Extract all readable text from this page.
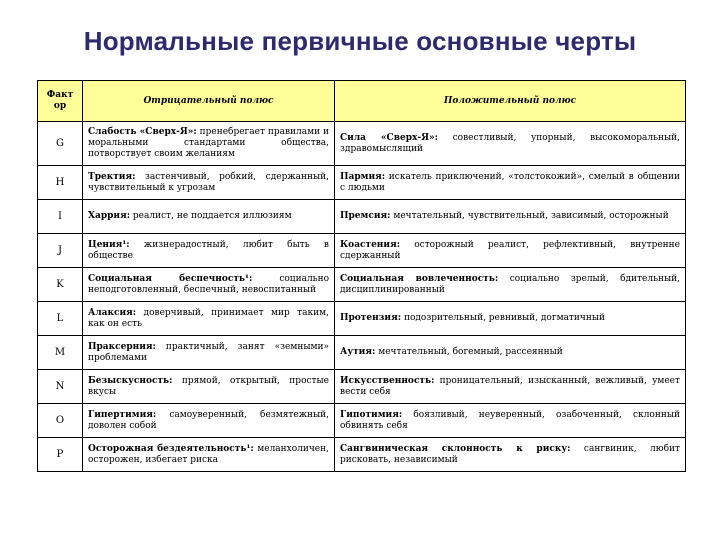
Нормальные первичные основные черты
Факт ор	Отрицательный полюс	Положительный полюс
G	Слабость «Сверх-Я»: пренебрегает правилами и моральными стандартами общества, потворствует своим желаниям	Сила «Сверх-Я»: совестливый, упорный, высокоморальный, здравомыслящий
H	Тректия: застенчивый, робкий, сдержанный, чувствительный к угрозам	Пармия: искатель приключений, «толстокожий», смелый в общении с людьми
I	Харрия: реалист, не поддается иллюзиям	Премсия: мечтательный, чувствительный, зависимый, осторожный
J	Цения¹: жизнерадостный, любит быть в обществе	Коастения: осторожный реалист, рефлективный, внутренне сдержанный
K	Социальная беспечность¹: социально неподготовленный, беспечный, невоспитанный	Социальная вовлеченность: социально зрелый, бдительный, дисциплинированный
L	Алаксия: доверчивый, принимает мир таким, как он есть	Протензия: подозрительный, ревнивый, догматичный
M	Праксерния: практичный, занят «земными» проблемами	Аутия: мечтательный, богемный, рассеянный
N	Безыскусность: прямой, открытый, простые вкусы	Искусственность: проницательный, изысканный, вежливый, умеет вести себя
O	Гипертимия: самоуверенный, безмятежный, доволен собой	Гипотимия: боязливый, неуверенный, озабоченный, склонный обвинять себя
P	Осторожная бездеятельность¹: меланхоличен, осторожен, избегает риска	Сангвиническая склонность к риску: сангвиник, любит рисковать, независимый
